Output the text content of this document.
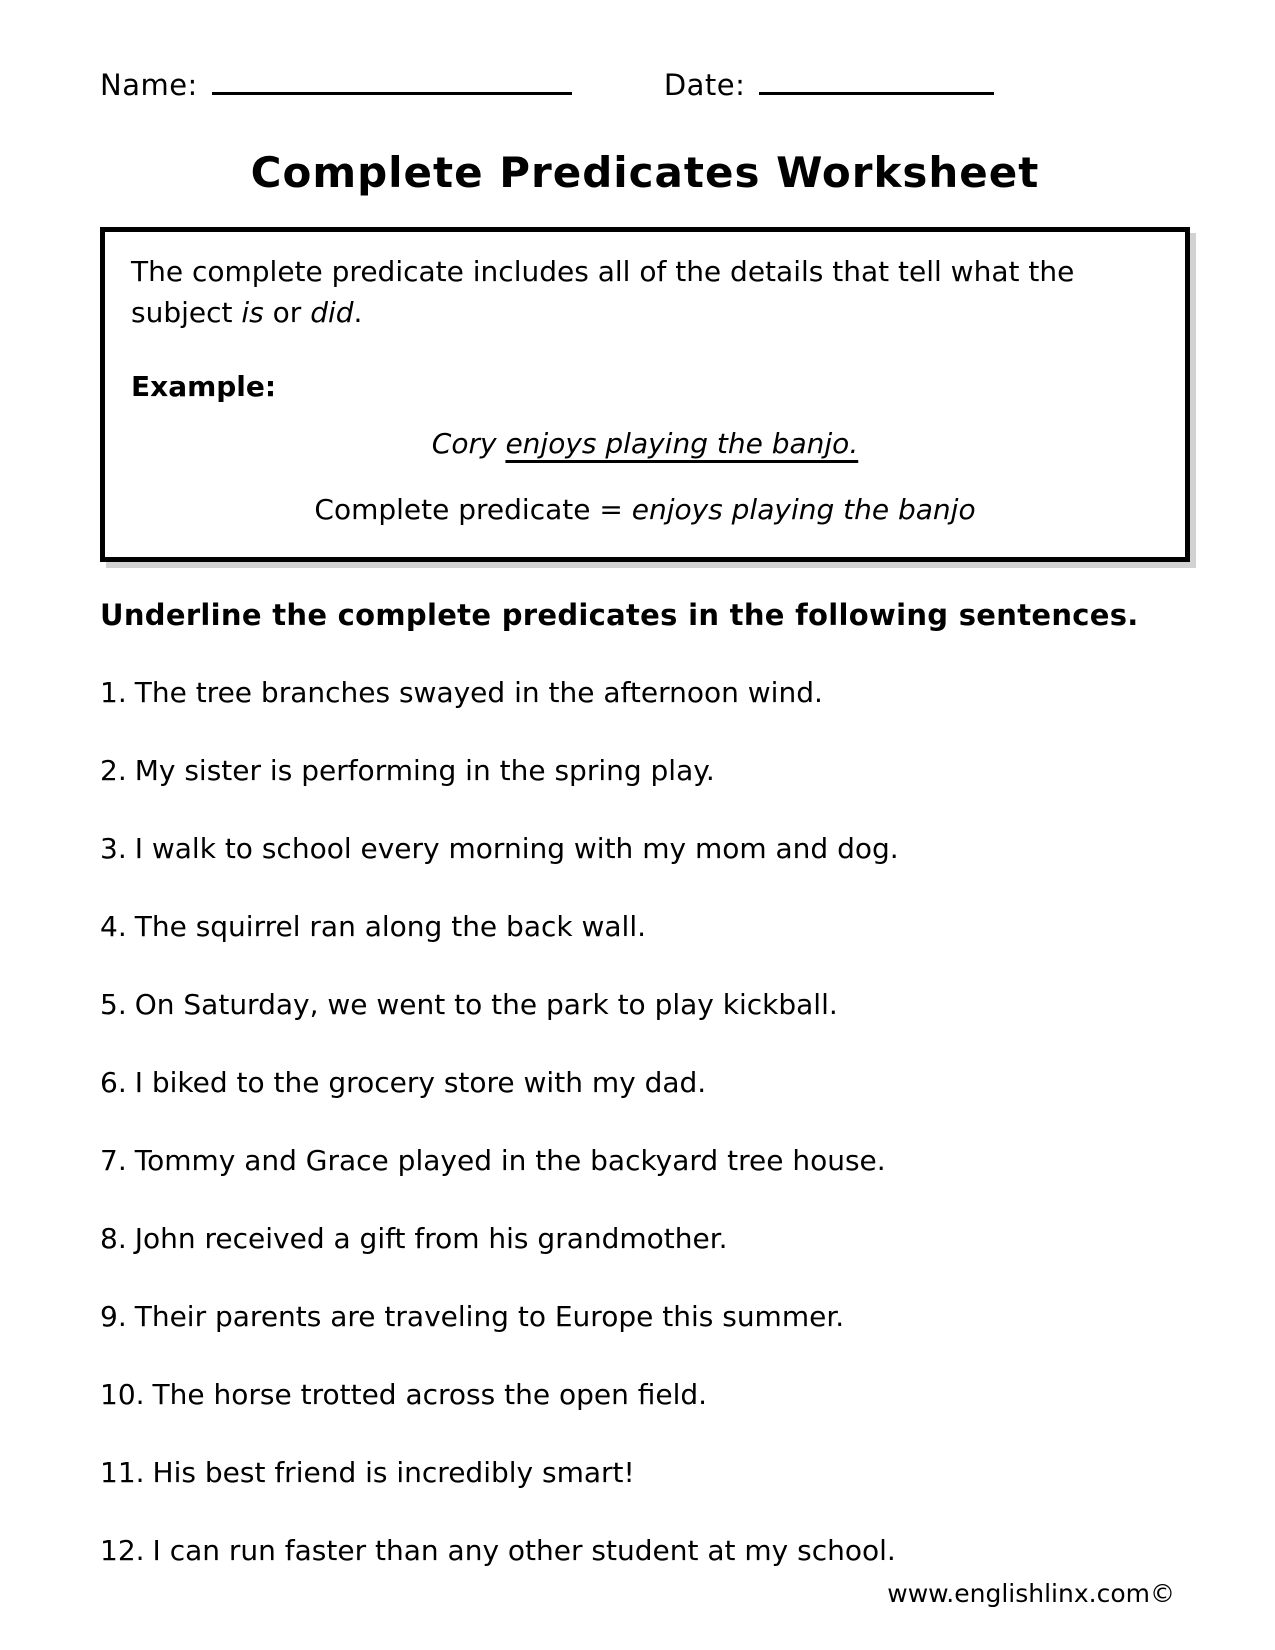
Name:	Date:
Complete Predicates Worksheet

The complete predicate includes all of the details that tell what the subject is or did.

Example:

Cory enjoys playing the banjo.

Complete predicate = enjoys playing the banjo

Underline the complete predicates in the following sentences.

1. The tree branches swayed in the afternoon wind.
2. My sister is performing in the spring play.
3. I walk to school every morning with my mom and dog.
4. The squirrel ran along the back wall.
5. On Saturday, we went to the park to play kickball.
6. I biked to the grocery store with my dad.
7. Tommy and Grace played in the backyard tree house.
8. John received a gift from his grandmother.
9. Their parents are traveling to Europe this summer.
10. The horse trotted across the open field.
11. His best friend is incredibly smart!
12. I can run faster than any other student at my school.
www.englishlinx.com©
